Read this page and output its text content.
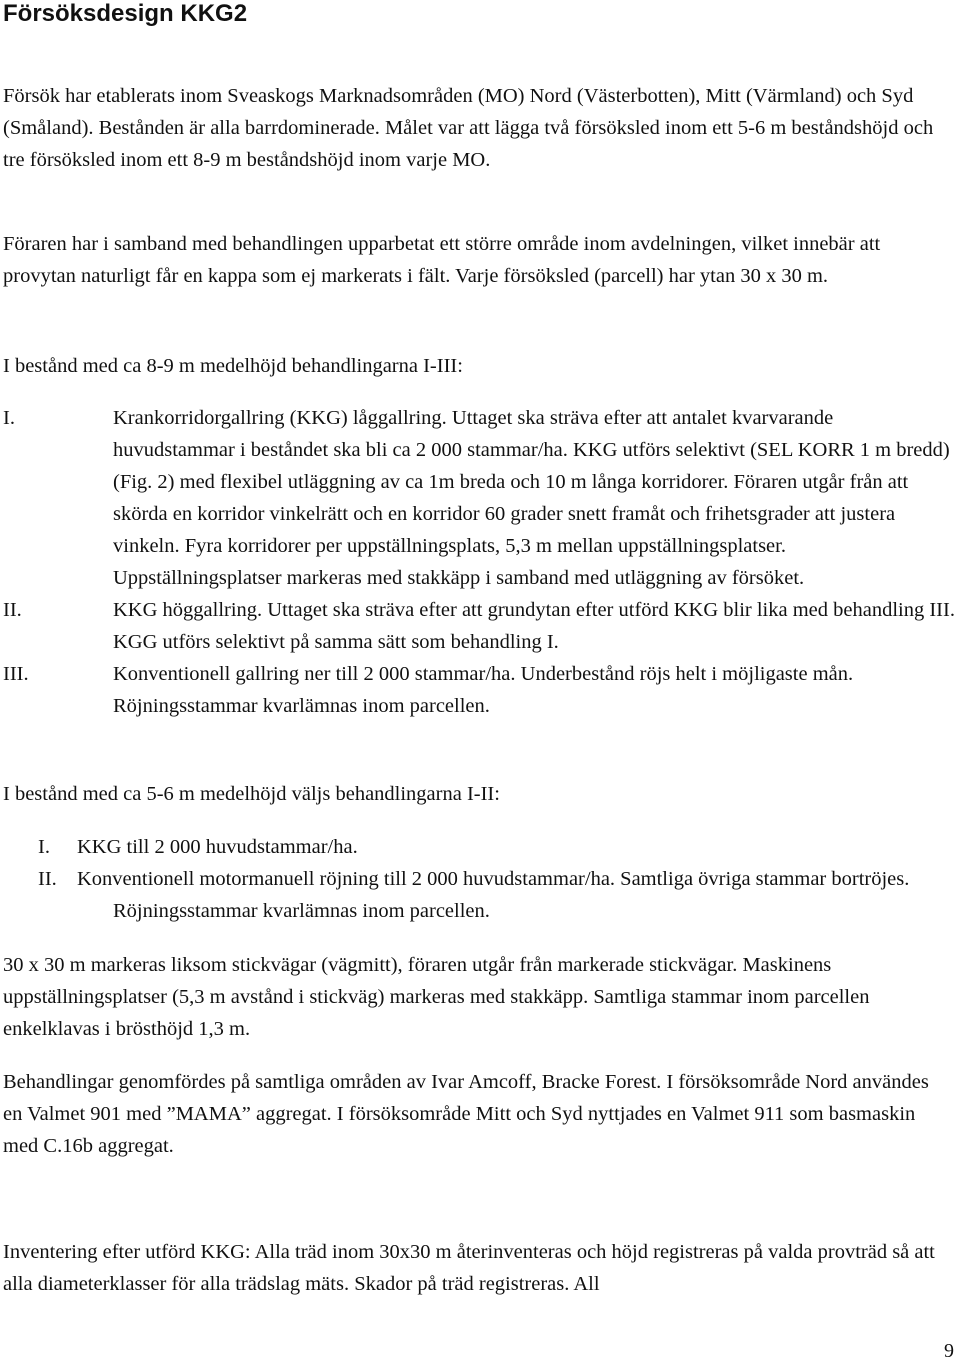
Försöksdesign KKG2

Försök har etablerats inom Sveaskogs Marknadsområden (MO) Nord (Västerbotten), Mitt (Värmland) och Syd (Småland). Bestånden är alla barrdominerade. Målet var att lägga två försöksled inom ett 5-6 m beståndshöjd och tre försöksled inom ett 8-9 m beståndshöjd inom varje MO.

Föraren har i samband med behandlingen upparbetat ett större område inom avdelningen, vilket innebär att provytan naturligt får en kappa som ej markerats i fält. Varje försöksled (parcell) har ytan 30 x 30 m.

I bestånd med ca 8-9 m medelhöjd behandlingarna I-III:

I.	Krankorridorgallring (KKG) låggallring. Uttaget ska sträva efter att antalet kvarvarande huvudstammar i beståndet ska bli ca 2 000 stammar/ha. KKG utförs selektivt (SEL KORR 1 m bredd) (Fig. 2) med flexibel utläggning av ca 1m breda och 10 m långa korridorer. Föraren utgår från att skörda en korridor vinkelrätt och en korridor 60 grader snett framåt och frihetsgrader att justera vinkeln. Fyra korridorer per uppställningsplats, 5,3 m mellan uppställningsplatser. Uppställningsplatser markeras med stakkäpp i samband med utläggning av försöket.
II.	KKG höggallring. Uttaget ska sträva efter att grundytan efter utförd KKG blir lika med behandling III. KGG utförs selektivt på samma sätt som behandling I.
III.	Konventionell gallring ner till 2 000 stammar/ha. Underbestånd röjs helt i möjligaste mån. Röjningsstammar kvarlämnas inom parcellen.

I bestånd med ca 5-6 m medelhöjd väljs behandlingarna I-II:

I. KKG till 2 000 huvudstammar/ha.
II. Konventionell motormanuell röjning till 2 000 huvudstammar/ha. Samtliga övriga stammar bortröjes. Röjningsstammar kvarlämnas inom parcellen.

30 x 30 m markeras liksom stickvägar (vägmitt), föraren utgår från markerade stickvägar. Maskinens uppställningsplatser (5,3 m avstånd i stickväg) markeras med stakkäpp. Samtliga stammar inom parcellen enkelklavas i brösthöjd 1,3 m.

Behandlingar genomfördes på samtliga områden av Ivar Amcoff, Bracke Forest. I försöksområde Nord användes en Valmet 901 med ”MAMA” aggregat. I försöksområde Mitt och Syd nyttjades en Valmet 911 som basmaskin med C.16b aggregat.

Inventering efter utförd KKG: Alla träd inom 30x30 m återinventeras och höjd registreras på valda provträd så att alla diameterklasser för alla trädslag mäts. Skador på träd registreras. All

9
